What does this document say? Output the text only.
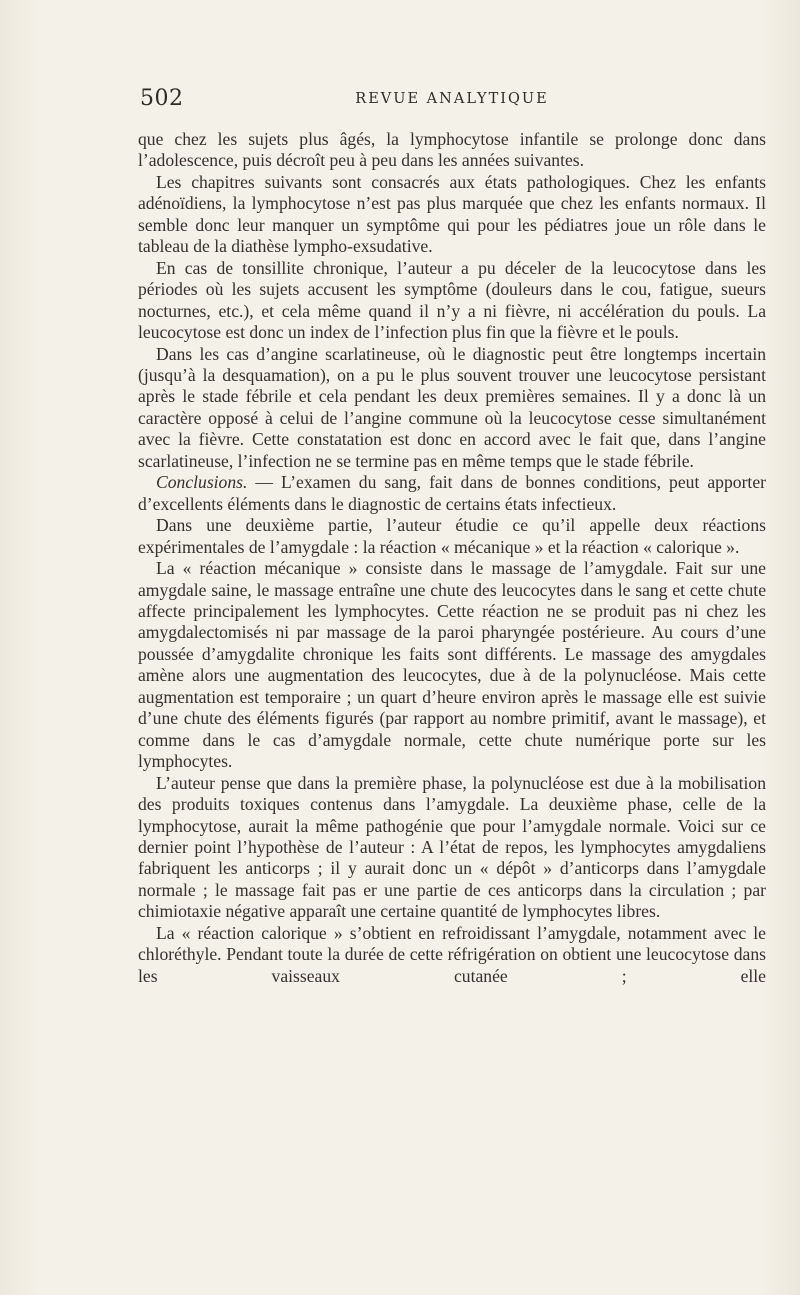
502	REVUE ANALYTIQUE

que chez les sujets plus âgés, la lymphocytose infantile se prolonge donc dans l’adolescence, puis décroît peu à peu dans les années suivantes.

Les chapitres suivants sont consacrés aux états pathologiques. Chez les enfants adénoïdiens, la lymphocytose n’est pas plus marquée que chez les enfants normaux. Il semble donc leur manquer un symptôme qui pour les pédiatres joue un rôle dans le tableau de la diathèse lympho-exsudative.

En cas de tonsillite chronique, l’auteur a pu déceler de la leucocytose dans les périodes où les sujets accusent les symptôme (douleurs dans le cou, fatigue, sueurs nocturnes, etc.), et cela même quand il n’y a ni fièvre, ni accélération du pouls. La leucocytose est donc un index de l’infection plus fin que la fièvre et le pouls.

Dans les cas d’angine scarlatineuse, où le diagnostic peut être longtemps incertain (jusqu’à la desquamation), on a pu le plus souvent trouver une leucocytose persistant après le stade fébrile et cela pendant les deux premières semaines. Il y a donc là un caractère opposé à celui de l’angine commune où la leucocytose cesse simultanément avec la fièvre. Cette constatation est donc en accord avec le fait que, dans l’angine scarlatineuse, l’infection ne se termine pas en même temps que le stade fébrile.

Conclusions. — L’examen du sang, fait dans de bonnes conditions, peut apporter d’excellents éléments dans le diagnostic de certains états infectieux.

Dans une deuxième partie, l’auteur étudie ce qu’il appelle deux réactions expérimentales de l’amygdale : la réaction « mécanique » et la réaction « calorique ».

La « réaction mécanique » consiste dans le massage de l’amygdale. Fait sur une amygdale saine, le massage entraîne une chute des leucocytes dans le sang et cette chute affecte principalement les lymphocytes. Cette réaction ne se produit pas ni chez les amygdalectomisés ni par massage de la paroi pharyngée postérieure. Au cours d’une poussée d’amygdalite chronique les faits sont différents. Le massage des amygdales amène alors une augmentation des leucocytes, due à de la polynucléose. Mais cette augmentation est temporaire ; un quart d’heure environ après le massage elle est suivie d’une chute des éléments figurés (par rapport au nombre primitif, avant le massage), et comme dans le cas d’amygdale normale, cette chute numérique porte sur les lymphocytes.

L’auteur pense que dans la première phase, la polynucléose est due à la mobilisation des produits toxiques contenus dans l’amygdale. La deuxième phase, celle de la lymphocytose, aurait la même pathogénie que pour l’amygdale normale. Voici sur ce dernier point l’hypothèse de l’auteur : A l’état de repos, les lymphocytes amygdaliens fabriquent les anticorps ; il y aurait donc un « dépôt » d’anticorps dans l’amygdale normale ; le massage fait pas er une partie de ces anticorps dans la circulation ; par chimiotaxie négative apparaît une certaine quantité de lymphocytes libres.

La « réaction calorique » s’obtient en refroidissant l’amygdale, notamment avec le chloréthyle. Pendant toute la durée de cette réfrigération on obtient une leucocytose dans les vaisseaux cutanée ; elle
